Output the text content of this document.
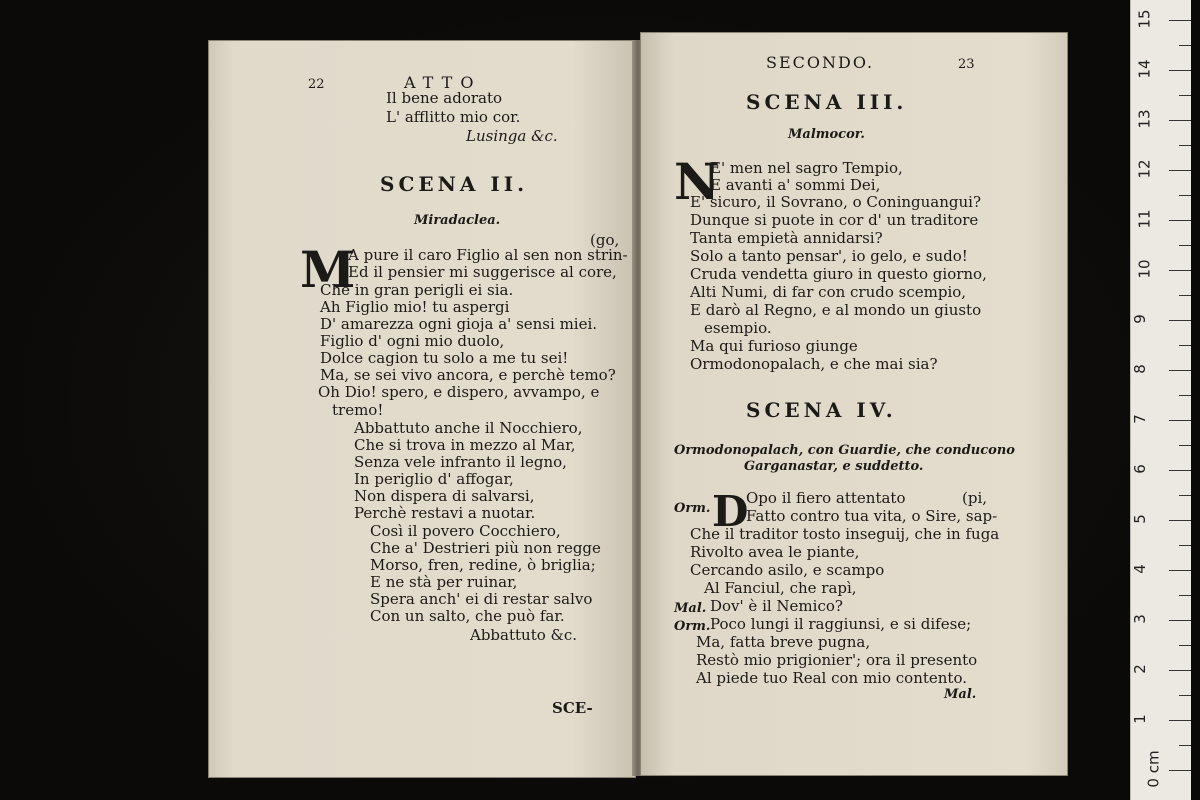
22	ATTO
Il bene adorato
L' afflitto mio cor.
Lusinga &c.
SCENA II.
Miradaclea.
(go,
M
A pure il caro Figlio al sen non strin-
Ed il pensier mi suggerisce al core,
Che in gran perigli ei sia.
Ah Figlio mio! tu aspergi
D' amarezza ogni gioja a' sensi miei.
Figlio d' ogni mio duolo,
Dolce cagion tu solo a me tu sei!
Ma, se sei vivo ancora, e perchè temo?
Oh Dio! spero, e dispero, avvampo, e
tremo!
Abbattuto anche il Nocchiero,
Che si trova in mezzo al Mar,
Senza vele infranto il legno,
In periglio d' affogar,
Non dispera di salvarsi,
Perchè restavi a nuotar.
Così il povero Cocchiero,
Che a' Destrieri più non regge
Morso, fren, redine, ò briglia;
E ne stà per ruinar,
Spera anch' ei di restar salvo
Con un salto, che può far.
Abbattuto &c.
SCE-
SECONDO.	23
SCENA III.
Malmocor.
N
E' men nel sagro Tempio,
E avanti a' sommi Dei,
E' sicuro, il Sovrano, o Coninguangui?
Dunque si puote in cor d' un traditore
Tanta empietà annidarsi?
Solo a tanto pensar', io gelo, e sudo!
Cruda vendetta giuro in questo giorno,
Alti Numi, di far con crudo scempio,
E darò al Regno, e al mondo un giusto
esempio.
Ma qui furioso giunge
Ormodonopalach, e che mai sia?
SCENA IV.
Ormodonopalach, con Guardie, che conducono
Garganastar, e suddetto.
Orm. D
Opo il fiero attentato	(pi,
Fatto contro tua vita, o Sire, sap-
Che il traditor tosto inseguij, che in fuga
Rivolto avea le piante,
Cercando asilo, e scampo
Al Fanciul, che rapì,
Mal. Dov' è il Nemico?
Orm. Poco lungi il raggiunsi, e si difese;
Ma, fatta breve pugna,
Restò mio prigionier'; ora il presento
Al piede tuo Real con mio contento.
Mal.
0 cm
1
2
3
4
5
6
7
8
9
10
11
12
13
14
15
